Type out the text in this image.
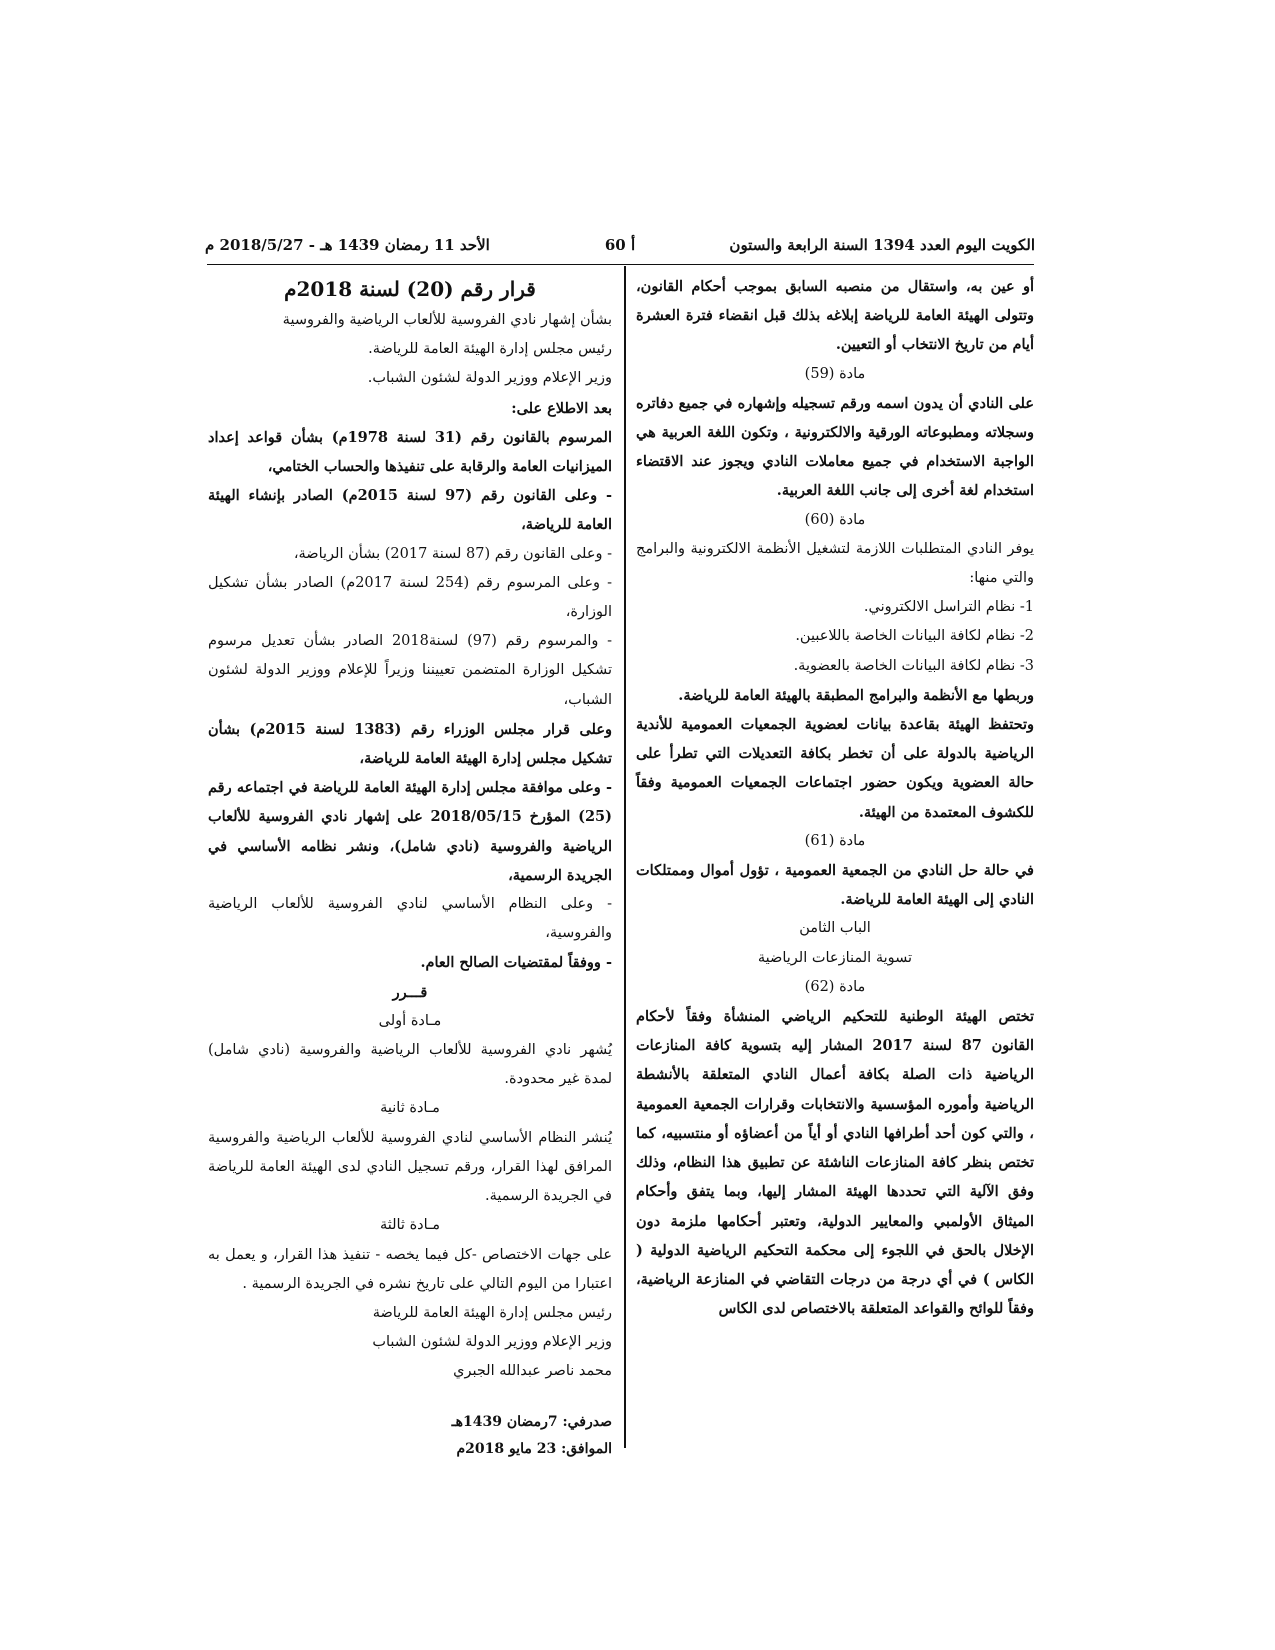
الكويت اليوم العدد 1394 السنة الرابعة والستون
أ 60
الأحد 11 رمضان 1439 هـ - 2018/5/27 م

أو عين به، واستقال من منصبه السابق بموجب أحكام القانون، وتتولى الهيئة العامة للرياضة إبلاغه بذلك قبل انقضاء فترة العشرة أيام من تاريخ الانتخاب أو التعيين.

مادة (59)

على النادي أن يدون اسمه ورقم تسجيله وإشهاره في جميع دفاتره وسجلاته ومطبوعاته الورقية والالكترونية ، وتكون اللغة العربية هي الواجبة الاستخدام في جميع معاملات النادي ويجوز عند الاقتضاء استخدام لغة أخرى إلى جانب اللغة العربية.

مادة (60)

يوفر النادي المتطلبات اللازمة لتشغيل الأنظمة الالكترونية والبرامج والتي منها:

1- نظام التراسل الالكتروني.

2- نظام لكافة البيانات الخاصة باللاعبين.

3- نظام لكافة البيانات الخاصة بالعضوية.

وربطها مع الأنظمة والبرامج المطبقة بالهيئة العامة للرياضة.

وتحتفظ الهيئة بقاعدة بيانات لعضوية الجمعيات العمومية للأندية الرياضية بالدولة على أن تخطر بكافة التعديلات التي تطرأ على حالة العضوية ويكون حضور اجتماعات الجمعيات العمومية وفقاً للكشوف المعتمدة من الهيئة.

مادة (61)

في حالة حل النادي من الجمعية العمومية ، تؤول أموال وممتلكات النادي إلى الهيئة العامة للرياضة.

الباب الثامن

تسوية المنازعات الرياضية

مادة (62)

تختص الهيئة الوطنية للتحكيم الرياضي المنشأة وفقاً لأحكام القانون 87 لسنة 2017 المشار إليه بتسوية كافة المنازعات الرياضية ذات الصلة بكافة أعمال النادي المتعلقة بالأنشطة الرياضية وأموره المؤسسية والانتخابات وقرارات الجمعية العمومية ، والتي كون أحد أطرافها النادي أو أياً من أعضاؤه أو منتسبيه، كما تختص بنظر كافة المنازعات الناشئة عن تطبيق هذا النظام، وذلك وفق الآلية التي تحددها الهيئة المشار إليها، وبما يتفق وأحكام الميثاق الأولمبي والمعايير الدولية، وتعتبر أحكامها ملزمة دون الإخلال بالحق في اللجوء إلى محكمة التحكيم الرياضية الدولية ( الكاس ) في أي درجة من درجات التقاضي في المنازعة الرياضية، وفقاً للوائح والقواعد المتعلقة بالاختصاص لدى الكاس

قرار رقم (20) لسنة 2018م

بشأن إشهار نادي الفروسية للألعاب الرياضية والفروسية

رئيس مجلس إدارة الهيئة العامة للرياضة.

وزير الإعلام ووزير الدولة لشئون الشباب.

بعد الاطلاع على:

المرسوم بالقانون رقم (31 لسنة 1978م) بشأن قواعد إعداد الميزانيات العامة والرقابة على تنفيذها والحساب الختامي،

- وعلى القانون رقم (97 لسنة 2015م) الصادر بإنشاء الهيئة العامة للرياضة،

- وعلى القانون رقم (87 لسنة 2017) بشأن الرياضة،

- وعلى المرسوم رقم (254 لسنة 2017م) الصادر بشأن تشكيل الوزارة،

- والمرسوم رقم (97) لسنة2018 الصادر بشأن تعديل مرسوم تشكيل الوزارة المتضمن تعييننا وزيراً للإعلام ووزير الدولة لشئون الشباب،

وعلى قرار مجلس الوزراء رقم (1383 لسنة 2015م) بشأن تشكيل مجلس إدارة الهيئة العامة للرياضة،

- وعلى موافقة مجلس إدارة الهيئة العامة للرياضة في اجتماعه رقم (25) المؤرخ 2018/05/15 على إشهار نادي الفروسية للألعاب الرياضية والفروسية (نادي شامل)، ونشر نظامه الأساسي في الجريدة الرسمية،

- وعلى النظام الأساسي لنادي الفروسية للألعاب الرياضية والفروسية،

- ووفقاً لمقتضيات الصالح العام.

قـــرر

مـادة أولى

يُشهر نادي الفروسية للألعاب الرياضية والفروسية (نادي شامل) لمدة غير محدودة.

مـادة ثانية

يُنشر النظام الأساسي لنادي الفروسية للألعاب الرياضية والفروسية المرافق لهذا القرار، ورقم تسجيل النادي لدى الهيئة العامة للرياضة في الجريدة الرسمية.

مـادة ثالثة

على جهات الاختصاص -كل فيما يخصه - تنفيذ هذا القرار، و يعمل به اعتبارا من اليوم التالي على تاريخ نشره في الجريدة الرسمية .

رئيس مجلس إدارة الهيئة العامة للرياضة

وزير الإعلام ووزير الدولة لشئون الشباب

محمد ناصر عبدالله الجبري

صدرفي: 7رمضان 1439هـ

الموافق: 23 مايو 2018م
